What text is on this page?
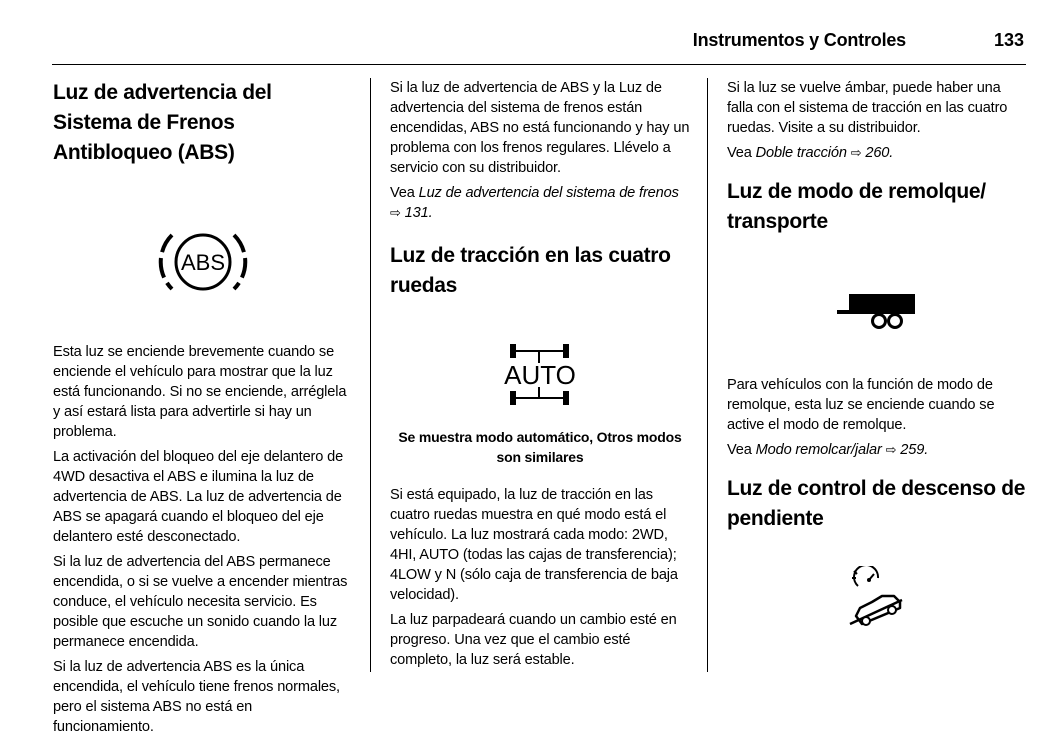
Instrumentos y Controles	133
Luz de advertencia del Sistema de Frenos Antibloqueo (ABS)
ABS

Esta luz se enciende brevemente cuando se enciende el vehículo para mostrar que la luz está funcionando. Si no se enciende, arréglela y así estará lista para advertirle si hay un problema.

La activación del bloqueo del eje delantero de 4WD desactiva el ABS e ilumina la luz de advertencia de ABS. La luz de advertencia de ABS se apagará cuando el bloqueo del eje delantero esté desconectado.

Si la luz de advertencia del ABS permanece encendida, o si se vuelve a encender mientras conduce, el vehículo necesita servicio. Es posible que escuche un sonido cuando la luz permanece encendida.

Si la luz de advertencia ABS es la única encendida, el vehículo tiene frenos normales, pero el sistema ABS no está en funcionamiento.

Si la luz de advertencia de ABS y la Luz de advertencia del sistema de frenos están encendidas, ABS no está funcionando y hay un problema con los frenos regulares. Llévelo a servicio con su distribuidor.

Vea Luz de advertencia del sistema de frenos
⇨ 131.

Luz de tracción en las cuatro ruedas
AUTO
Se muestra modo automático, Otros modos son similares

Si está equipado, la luz de tracción en las cuatro ruedas muestra en qué modo está el vehículo. La luz mostrará cada modo: 2WD, 4HI, AUTO (todas las cajas de transferencia); 4LOW y N (sólo caja de transferencia de baja velocidad).

La luz parpadeará cuando un cambio esté en progreso. Una vez que el cambio esté completo, la luz será estable.

Si la luz se vuelve ámbar, puede haber una falla con el sistema de tracción en las cuatro ruedas. Visite a su distribuidor.

Vea Doble tracción ⇨ 260.

Luz de modo de remolque/ transporte

Para vehículos con la función de modo de remolque, esta luz se enciende cuando se active el modo de remolque.

Vea Modo remolcar/jalar ⇨ 259.

Luz de control de descenso de pendiente
